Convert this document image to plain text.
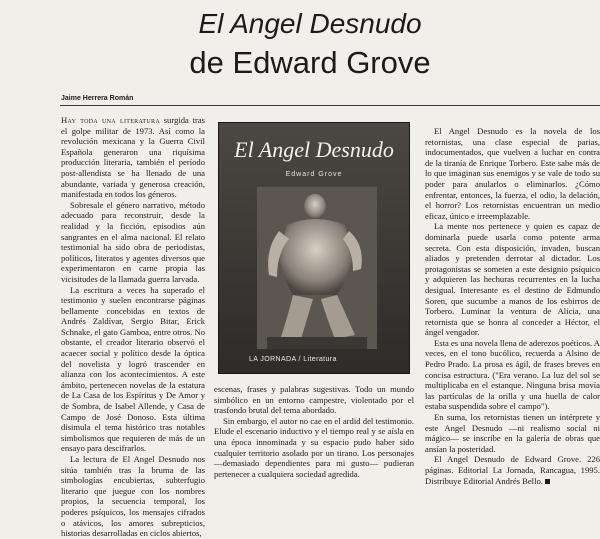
El Angel Desnudo
de Edward Grove
Jaime Herrera Román

Hay toda una literatura surgida tras el golpe militar de 1973. Así como la revolución mexicana y la Guerra Civil Española generaron una riquísima producción literaria, también el período post-allendista se ha llenado de una abundante, variada y generosa creación, manifestada en todos los géneros.

Sobresale el género narrativo, método adecuado para reconstruir, desde la realidad y la ficción, episodios aún sangrantes en el alma nacional. El relato testimonial ha sido obra de periodistas, políticos, literatos y agentes diversos que experimentaron en carne propia las vicisitudes de la llamada guerra larvada.

La escritura a veces ha superado el testimonio y suelen encontrarse páginas bellamente concebidas en textos de Andrés Zaldívar, Sergio Bitar, Erick Schnake, el gato Gamboa, entre otros. No obstante, el creador literario observó el acaecer social y político desde la óptica del novelista y logró trascender en alianza con los acontecimientos. A este ámbito, pertenecen novelas de la estatura de La Casa de los Espíritus y De Amor y de Sombra, de Isabel Allende, y Casa de Campo de José Donoso. Esta última disimula el tema histórico tras notables simbolismos que requieren de más de un ensayo para descifrarlos.

La lectura de El Angel Desnudo nos sitúa también tras la bruma de las simbologías encubiertas, subterfugio literario que juegue con los nombres propios, la secuencia temporal, los poderes psíquicos, los mensajes cifrados o atávicos, los amores subrepticios, historias desarrolladas en ciclos abiertos,

El Angel Desnudo
Edward Grove
LA JORNADA / Literatura

escenas, frases y palabras sugestivas. Todo un mundo simbólico en un entorno campestre, violentado por el trasfondo brutal del tema abordado.

Sin embargo, el autor no cae en el ardid del testimonio. Elude el escenario inductivo y el tiempo real y se aísla en una época innominada y su espacio pudo haber sido cualquier territorio asolado por un tirano. Los personajes —demasiado dependientes para mi gusto— pudieran pertenecer a cualquiera sociedad agredida.

El Angel Desnudo es la novela de los retornistas, una clase especial de parias, indocumentados, que vuelven a luchar en contra de la tiranía de Enrique Torbero. Este sabe más de lo que imaginan sus enemigos y se vale de todo su poder para anularlos o eliminarlos. ¿Cómo enfrentar, entonces, la fuerza, el odio, la delación, el horror? Los retornistas encuentran un medio eficaz, único e irreemplazable.

La mente nos pertenece y quien es capaz de dominarla puede usarla como potente arma secreta. Con esta disposición, invaden, buscan aliados y pretenden derrotar al dictador. Los protagonistas se someten a este designio psíquico y adquieren las hechuras recurrentes en la lucha desigual. Interesante es el destino de Edmundo Soren, que sucumbe a manos de los esbirros de Torbero. Luminar la ventura de Alicia, una retornista que se honra al conceder a Héctor, el ángel vengador.

Esta es una novela llena de aderezos poéticos. A veces, en el tono bucólico, recuerda a Alsino de Pedro Prado. La prosa es ágil, de frases breves en concisa estructura. ("Era verano. La luz del sol se multiplicaba en el estanque. Ninguna brisa movía las partículas de la orilla y una huella de calor estaba suspendida sobre el campo").

En suma, los retornistas tienen un intérprete y este Angel Desnudo —ni realismo social ni mágico— se inscribe en la galería de obras que ansían la posteridad.

El Angel Desnudo de Edward Grove. 226 páginas. Editorial La Jornada, Rancagua, 1995. Distribuye Editorial Andrés Bello.
